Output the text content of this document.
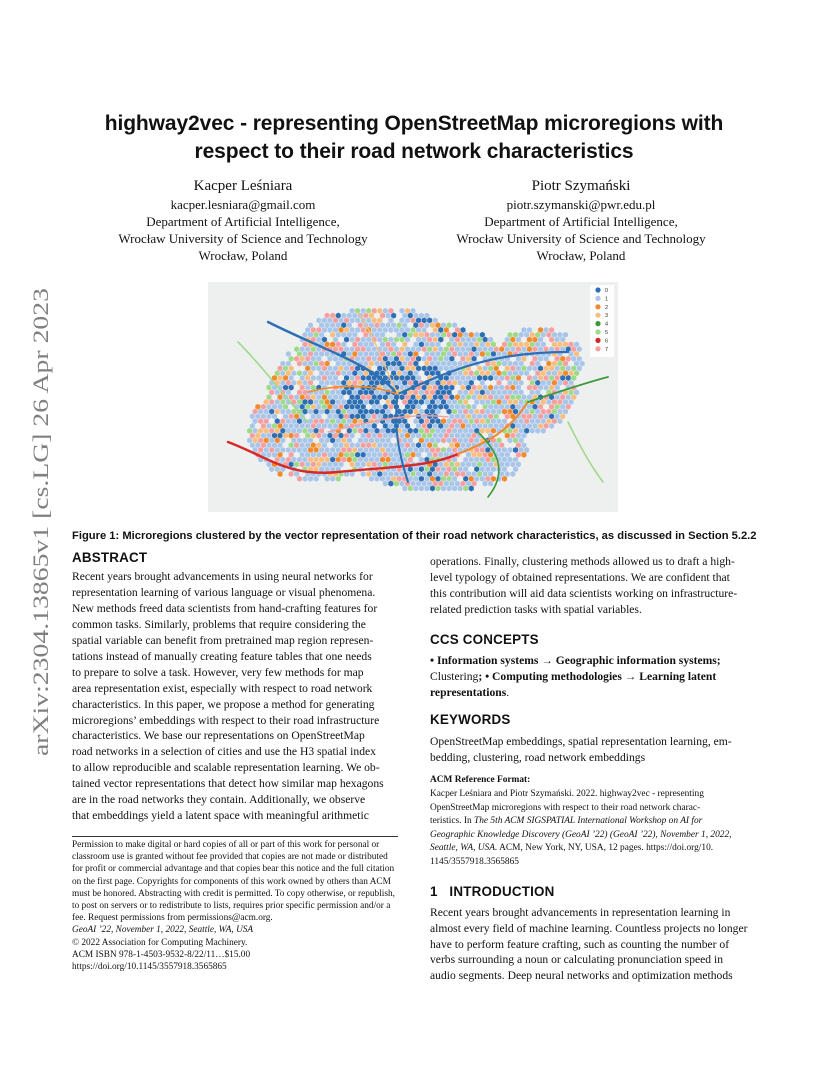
arXiv:2304.13865v1 [cs.LG] 26 Apr 2023
highway2vec - representing OpenStreetMap microregions with
respect to their road network characteristics
Kacper Leśniara
kacper.lesniara@gmail.com
Department of Artificial Intelligence,
Wrocław University of Science and Technology
Wrocław, Poland
Piotr Szymański
piotr.szymanski@pwr.edu.pl
Department of Artificial Intelligence,
Wrocław University of Science and Technology
Wrocław, Poland
0
1
2
3
4
5
6
7
Figure 1: Microregions clustered by the vector representation of their road network characteristics, as discussed in Section 5.2.2
ABSTRACT
Recent years brought advancements in using neural networks for
representation learning of various language or visual phenomena.
New methods freed data scientists from hand-crafting features for
common tasks. Similarly, problems that require considering the
spatial variable can benefit from pretrained map region represen-
tations instead of manually creating feature tables that one needs
to prepare to solve a task. However, very few methods for map
area representation exist, especially with respect to road network
characteristics. In this paper, we propose a method for generating
microregions’ embeddings with respect to their road infrastructure
characteristics. We base our representations on OpenStreetMap
road networks in a selection of cities and use the H3 spatial index
to allow reproducible and scalable representation learning. We ob-
tained vector representations that detect how similar map hexagons
are in the road networks they contain. Additionally, we observe
that embeddings yield a latent space with meaningful arithmetic
Permission to make digital or hard copies of all or part of this work for personal or
classroom use is granted without fee provided that copies are not made or distributed
for profit or commercial advantage and that copies bear this notice and the full citation
on the first page. Copyrights for components of this work owned by others than ACM
must be honored. Abstracting with credit is permitted. To copy otherwise, or republish,
to post on servers or to redistribute to lists, requires prior specific permission and/or a
fee. Request permissions from permissions@acm.org.
GeoAI ’22, November 1, 2022, Seattle, WA, USA
© 2022 Association for Computing Machinery.
ACM ISBN 978-1-4503-9532-8/22/11…$15.00
https://doi.org/10.1145/3557918.3565865
operations. Finally, clustering methods allowed us to draft a high-
level typology of obtained representations. We are confident that
this contribution will aid data scientists working on infrastructure-
related prediction tasks with spatial variables.
CCS CONCEPTS

• Information systems → Geographic information systems;

Clustering; • Computing methodologies → Learning latent

representations.

KEYWORDS

OpenStreetMap embeddings, spatial representation learning, em-

bedding, clustering, road network embeddings

ACM Reference Format:
Kacper Leśniara and Piotr Szymański. 2022. highway2vec - representing
OpenStreetMap microregions with respect to their road network charac-
teristics. In The 5th ACM SIGSPATIAL International Workshop on AI for
Geographic Knowledge Discovery (GeoAI ’22) (GeoAI ’22), November 1, 2022,
Seattle, WA, USA. ACM, New York, NY, USA, 12 pages. https://doi.org/10.
1145/3557918.3565865
1 INTRODUCTION
Recent years brought advancements in representation learning in
almost every field of machine learning. Countless projects no longer
have to perform feature crafting, such as counting the number of
verbs surrounding a noun or calculating pronunciation speed in
audio segments. Deep neural networks and optimization methods
